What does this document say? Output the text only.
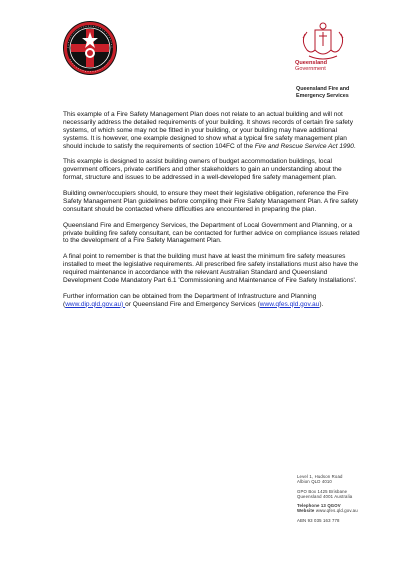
Queensland
Government
Queensland Fire and
Emergency Services

This example of a Fire Safety Management Plan does not relate to an actual building and will not necessarily address the detailed requirements of your building. It shows records of certain fire safety systems, of which some may not be fitted in your building, or your building may have additional systems. It is however, one example designed to show what a typical fire safety management plan should include to satisfy the requirements of section 104FC of the Fire and Rescue Service Act 1990.

This example is designed to assist building owners of budget accommodation buildings, local government officers, private certifiers and other stakeholders to gain an understanding about the format, structure and issues to be addressed in a well-developed fire safety management plan.

Building owner/occupiers should, to ensure they meet their legislative obligation, reference the Fire Safety Management Plan guidelines before compiling their Fire Safety Management Plan. A fire safety consultant should be contacted where difficulties are encountered in preparing the plan.

Queensland Fire and Emergency Services, the Department of Local Government and Planning, or a private building fire safety consultant, can be contacted for further advice on compliance issues related to the development of a Fire Safety Management Plan.

A final point to remember is that the building must have at least the minimum fire safety measures installed to meet the legislative requirements. All prescribed fire safety installations must also have the required maintenance in accordance with the relevant Australian Standard and Queensland Development Code Mandatory Part 6.1 'Commissioning and Maintenance of Fire Safety Installations'.

Further information can be obtained from the Department of Infrastructure and Planning (www.dip.qld.gov.au) or Queensland Fire and Emergency Services (www.qfes.qld.gov.au).

Level 1, Hudson Road
Albion QLD 4010
GPO Box 1425 Brisbane
Queensland 4001 Australia
Telephone 13 QGOV
Website www.qfes.qld.gov.au
ABN 93 035 163 778
